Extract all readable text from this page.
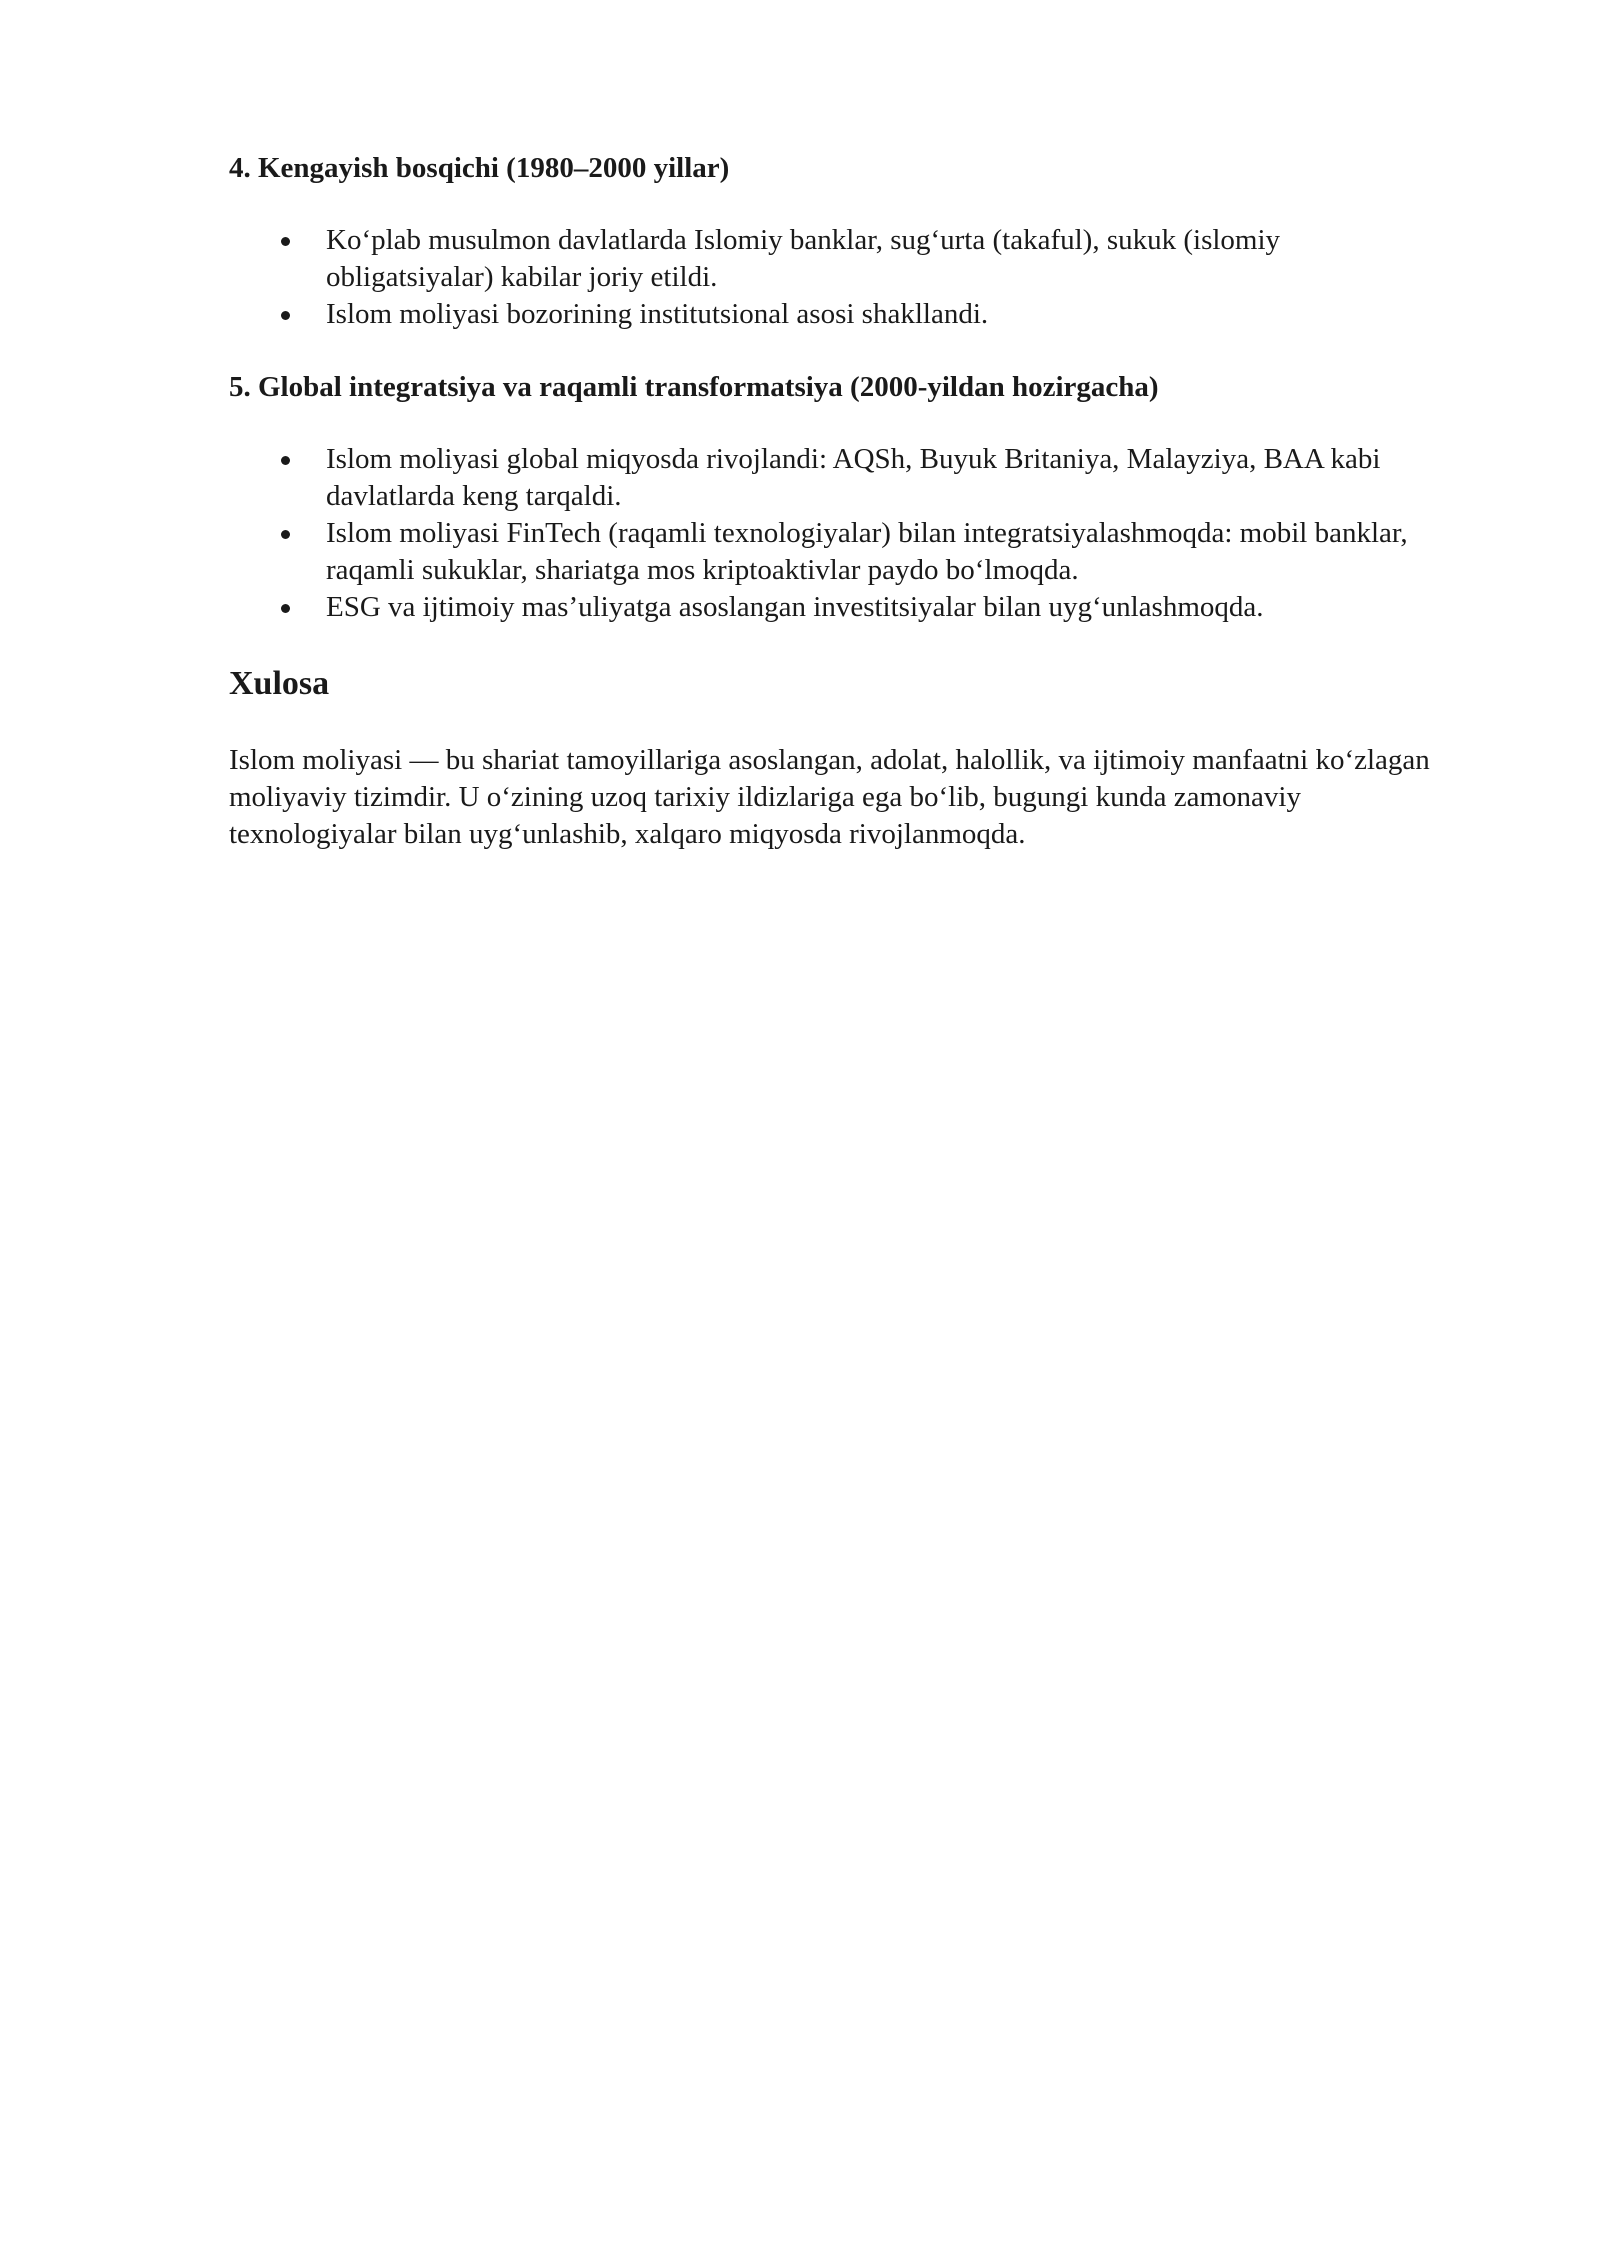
4. Kengayish bosqichi (1980–2000 yillar)
Ko‘plab musulmon davlatlarda Islomiy banklar, sug‘urta (takaful), sukuk (islomiy obligatsiyalar) kabilar joriy etildi.
Islom moliyasi bozorining institutsional asosi shakllandi.
5. Global integratsiya va raqamli transformatsiya (2000-yildan hozirgacha)
Islom moliyasi global miqyosda rivojlandi: AQSh, Buyuk Britaniya, Malayziya, BAA kabi davlatlarda keng tarqaldi.
Islom moliyasi FinTech (raqamli texnologiyalar) bilan integratsiyalashmoqda: mobil banklar, raqamli sukuklar, shariatga mos kriptoaktivlar paydo bo‘lmoqda.
ESG va ijtimoiy mas’uliyatga asoslangan investitsiyalar bilan uyg‘unlashmoqda.
Xulosa

Islom moliyasi — bu shariat tamoyillariga asoslangan, adolat, halollik, va ijtimoiy manfaatni ko‘zlagan moliyaviy tizimdir. U o‘zining uzoq tarixiy ildizlariga ega bo‘lib, bugungi kunda zamonaviy texnologiyalar bilan uyg‘unlashib, xalqaro miqyosda rivojlanmoqda.
